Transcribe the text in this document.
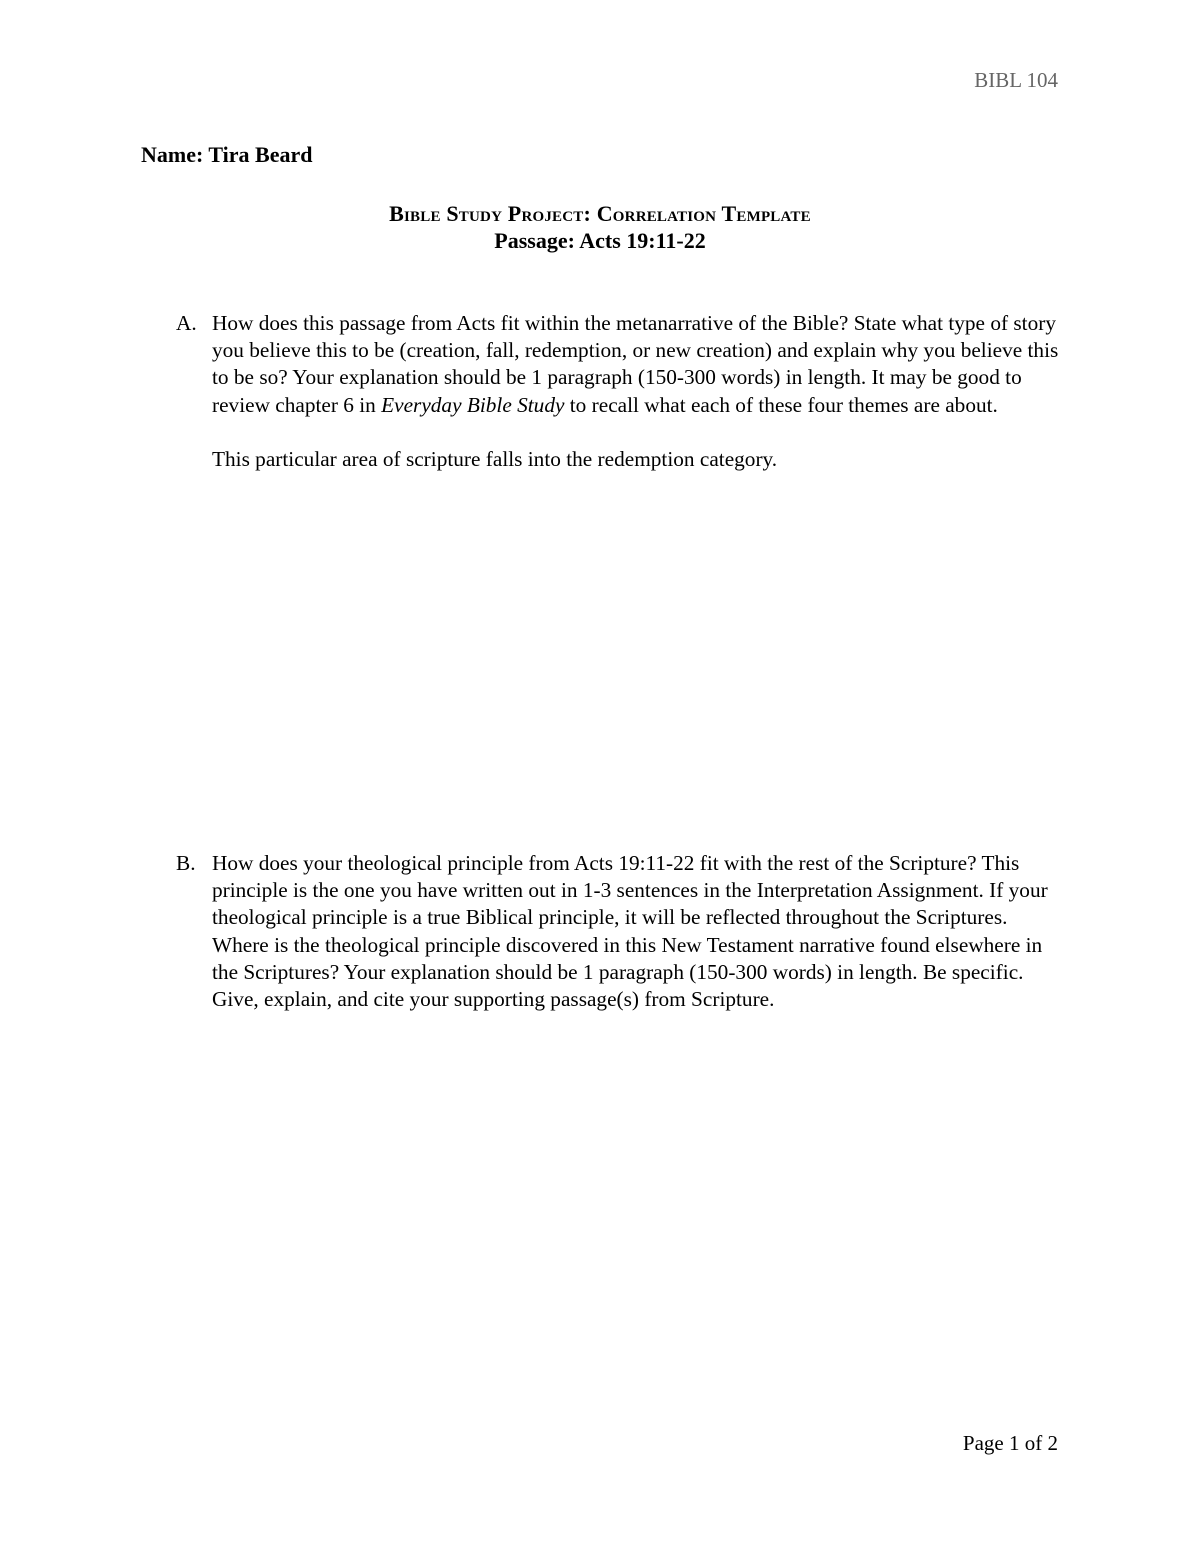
BIBL 104
Name: Tira Beard
Bible Study Project: Correlation Template
Passage: Acts 19:11-22
A. How does this passage from Acts fit within the metanarrative of the Bible? State what type of story you believe this to be (creation, fall, redemption, or new creation) and explain why you believe this to be so? Your explanation should be 1 paragraph (150-300 words) in length. It may be good to review chapter 6 in Everyday Bible Study to recall what each of these four themes are about.

This particular area of scripture falls into the redemption category.

B. How does your theological principle from Acts 19:11-22 fit with the rest of the Scripture? This principle is the one you have written out in 1-3 sentences in the Interpretation Assignment. If your theological principle is a true Biblical principle, it will be reflected throughout the Scriptures. Where is the theological principle discovered in this New Testament narrative found elsewhere in the Scriptures? Your explanation should be 1 paragraph (150-300 words) in length. Be specific. Give, explain, and cite your supporting passage(s) from Scripture.

Page 1 of 2
